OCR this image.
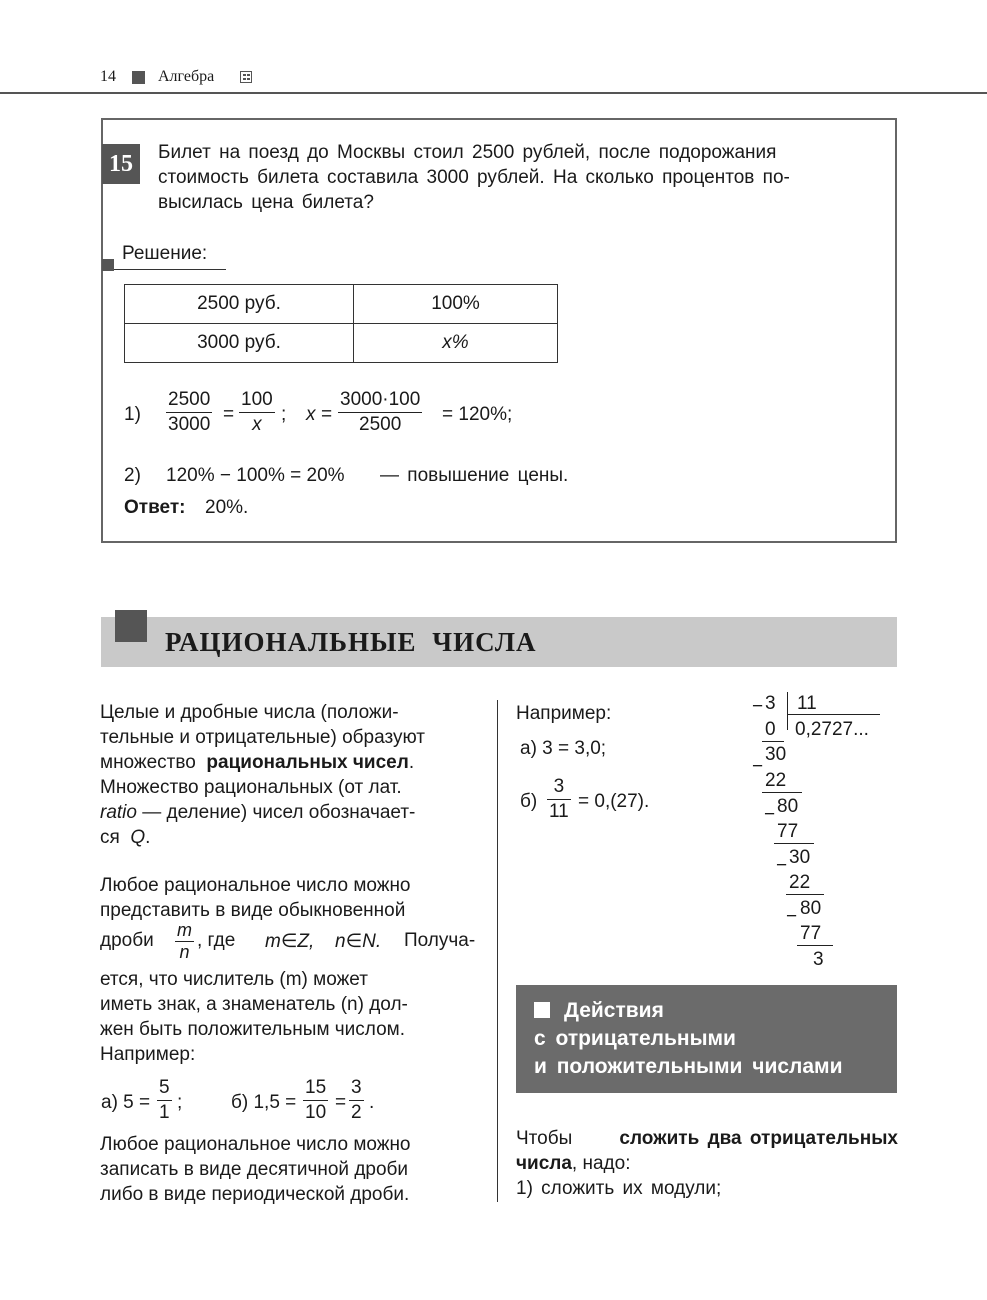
14	Алгебра
15	Билет на поезд до Москвы стоил 2500 рублей, после подорожания
стоимость билета составила 3000 рублей. На сколько процентов по-
высилась цена билета?
Решение:
2500 руб.	100%
3000 руб.	x%
$1) \frac{2500}{3000} = \frac{100}{x}$ ; $x = \frac{3000\cdot 100}{2500} = 120\%$;
2) 120% − 100% = 20% — повышение цены.
Ответ: 20%.
РАЦИОНАЛЬНЫЕ ЧИСЛА
Целые и дробные числа (положи-
тельные и отрицательные) образуют
множество рациональных чисел.
Множество рациональных (от лат.
ratio — деление) чисел обозначает-
ся Q.
Любое рациональное число можно
представить в виде обыкновенной
дроби $\frac{m}{n}$ , где m∈Z, n∈N. Получа-
ется, что числитель (m) может
иметь знак, а знаменатель (n) дол-
жен быть положительным числом.
Например:
а) $5 = \frac{5}{1}$ ;	б) $1,5 = \frac{15}{10} = \frac{3}{2}$ .
Любое рациональное число можно
записать в виде десятичной дроби
либо в виде периодической дроби.
Например:
а) 3 = 3,0;
$б) \frac{3}{11} = 0,(27)$.
− 3 11
0 0,2727...
−
30
22
− 80
77
− 30
22
− 80
77
3
Действия
с отрицательными
и положительными числами
Чтобы сложить два отрицательных
числа, надо:
1) сложить их модули;
